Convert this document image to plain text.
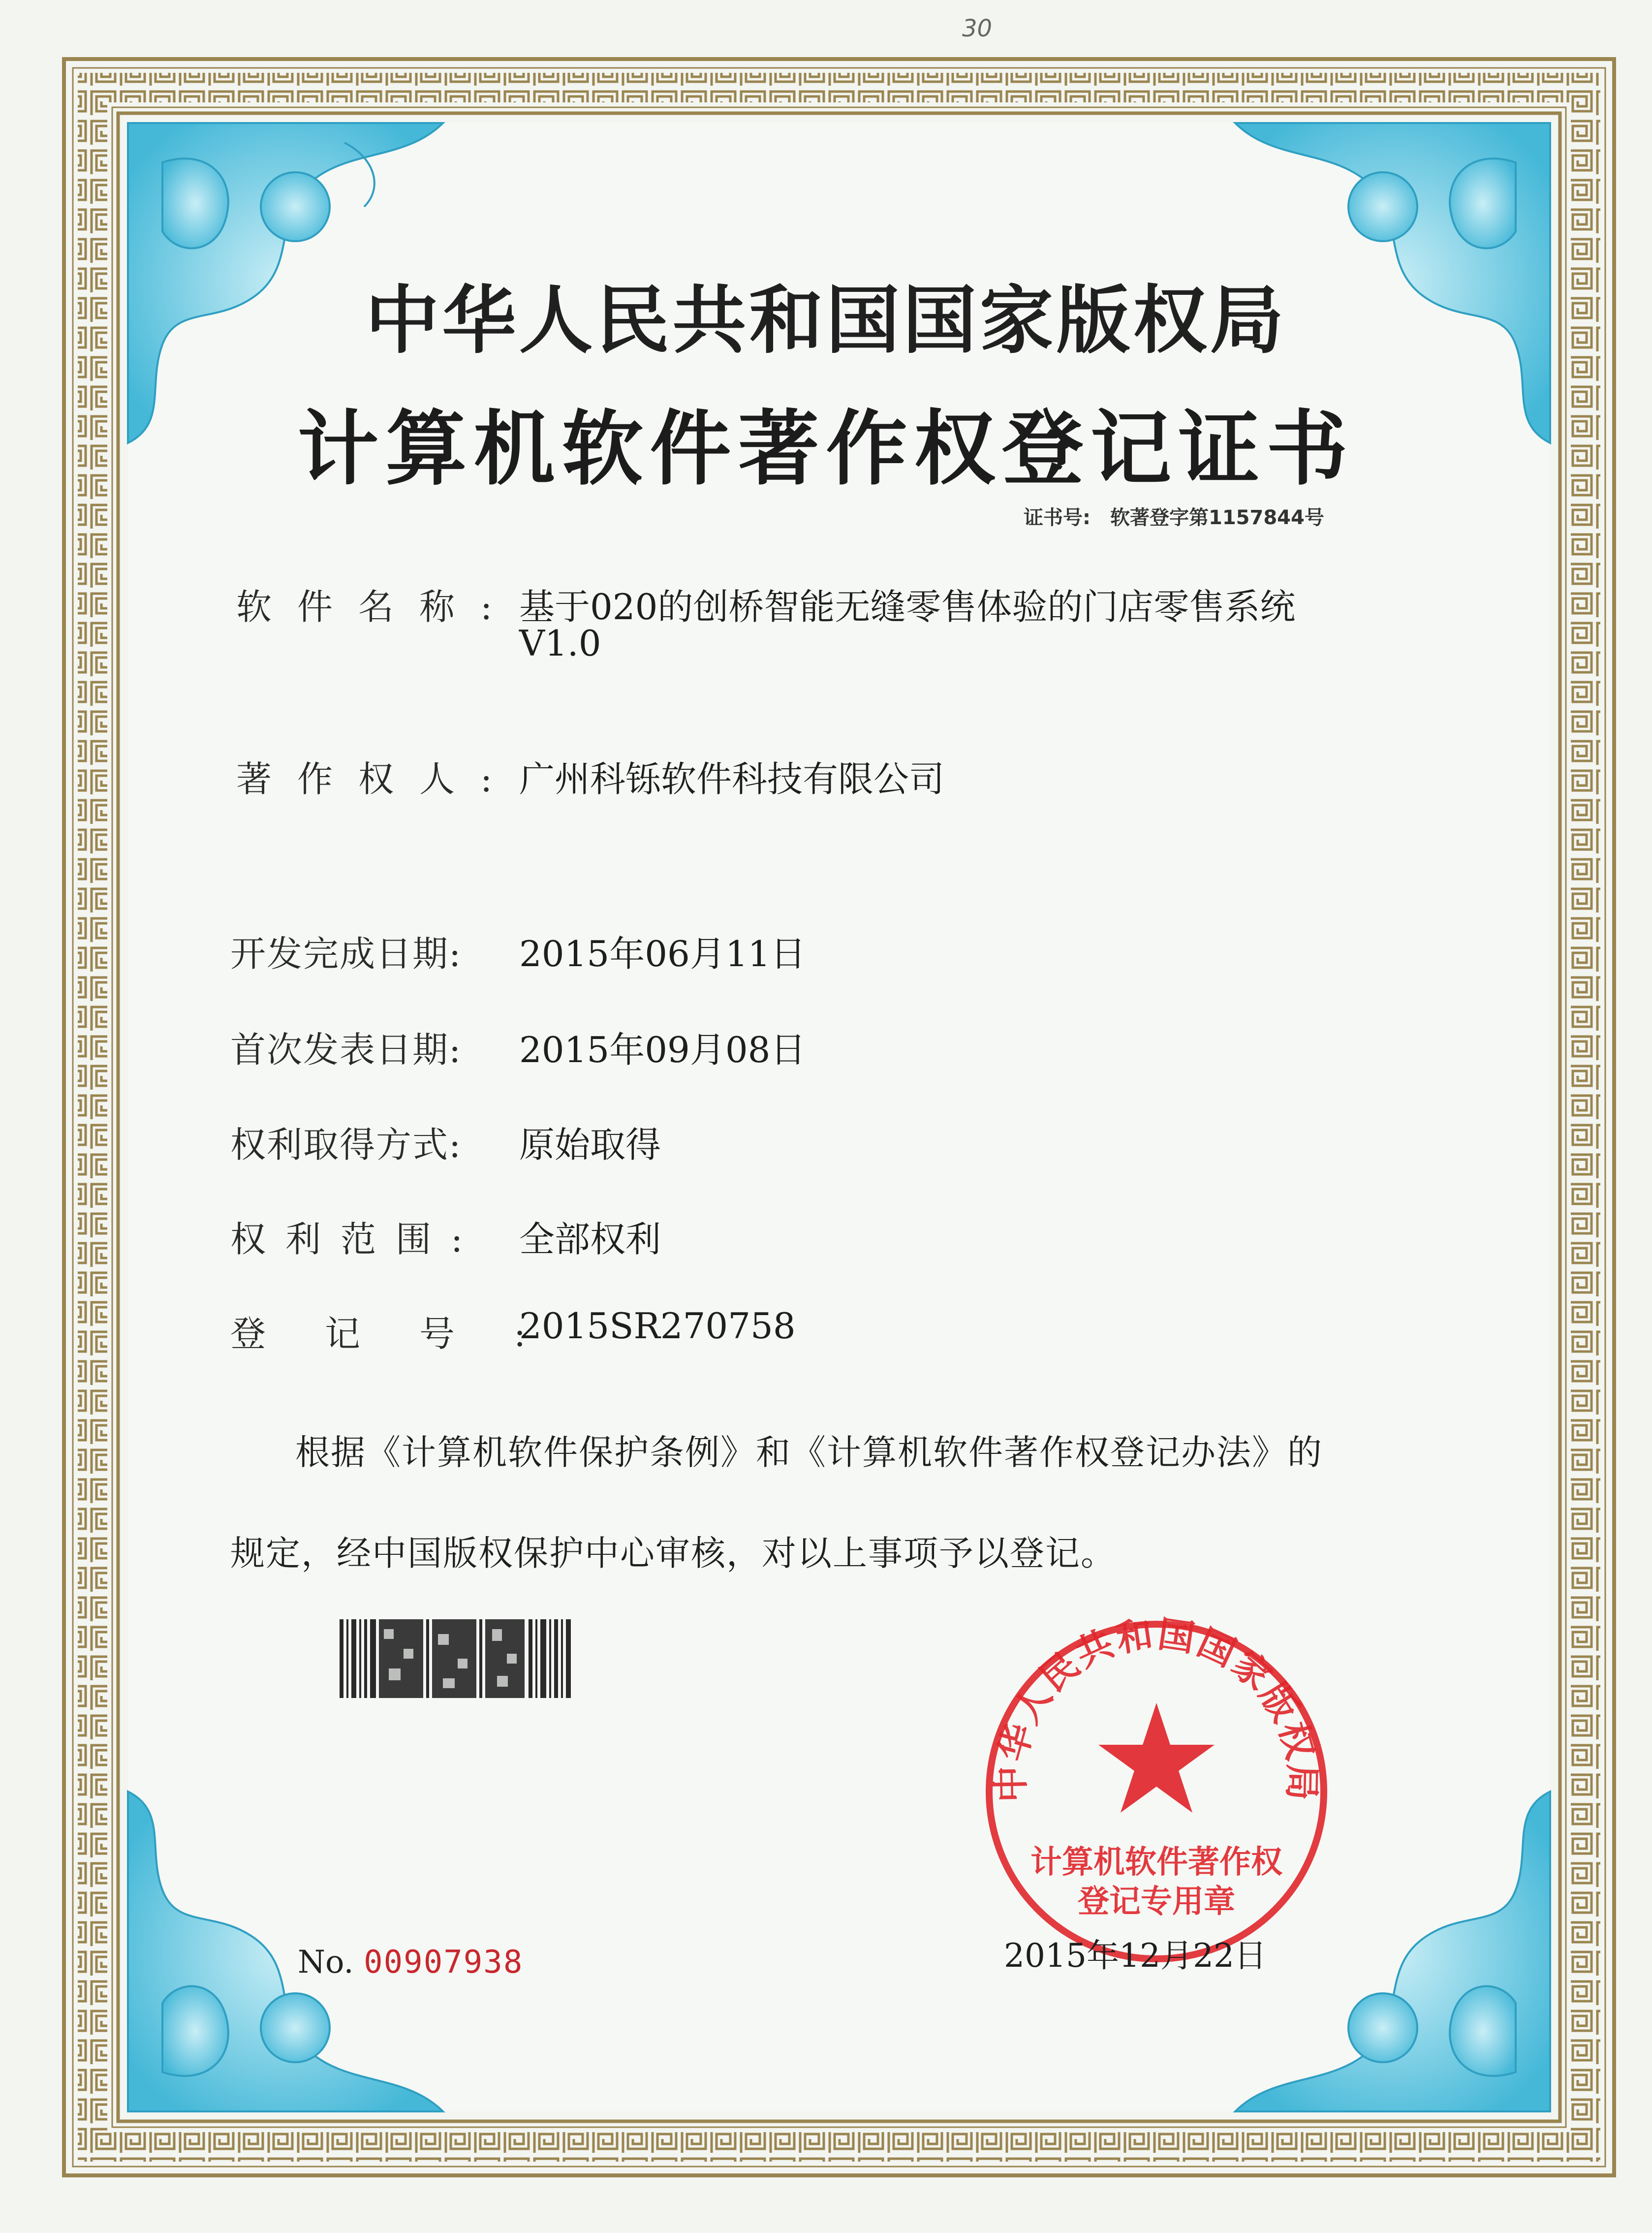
30
中华人民共和国国家版权局
计算机软件著作权登记证书
证书号: 软著登字第1157844号
软件名称: 基于020的创桥智能无缝零售体验的门店零售系统
V1.0
著作权人: 广州科铄软件科技有限公司
开发完成日期: 2015年06月11日
首次发表日期: 2015年09月08日
权利取得方式: 原始取得
权利范围: 全部权利
登记号:
2015SR270758
根据《计算机软件保护条例》和《计算机软件著作权登记办法》的
规定，经中国版权保护中心审核，对以上事项予以登记。
No. 00907938
中华人民共和国国家版权局
计算机软件著作权
登记专用章
2015年12月22日
